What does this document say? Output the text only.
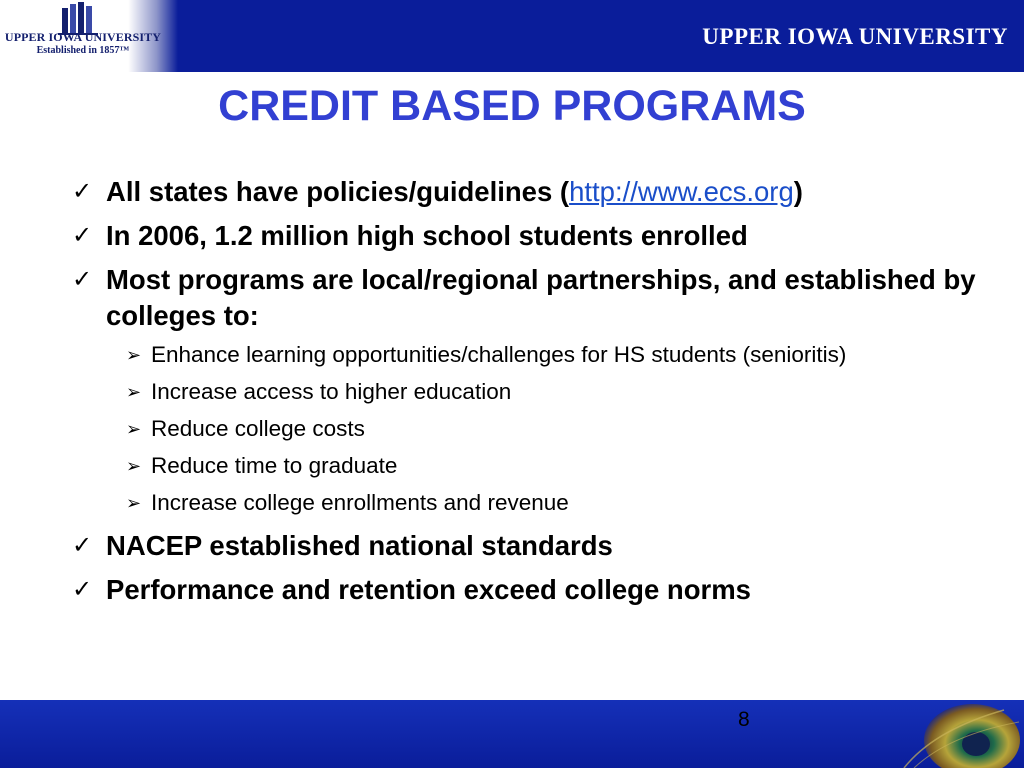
UPPER IOWA UNIVERSITY
Established in 1857™
UPPER IOWA UNIVERSITY
CREDIT BASED PROGRAMS
✓ All states have policies/guidelines (http://www.ecs.org)
✓ In 2006, 1.2 million high school students enrolled
✓ Most programs are local/regional partnerships, and established by colleges to:
➢ Enhance learning opportunities/challenges for HS students (senioritis)
➢ Increase access to higher education
➢ Reduce college costs
➢ Reduce time to graduate
➢ Increase college enrollments and revenue
✓ NACEP established national standards
✓ Performance and retention exceed college norms
8
